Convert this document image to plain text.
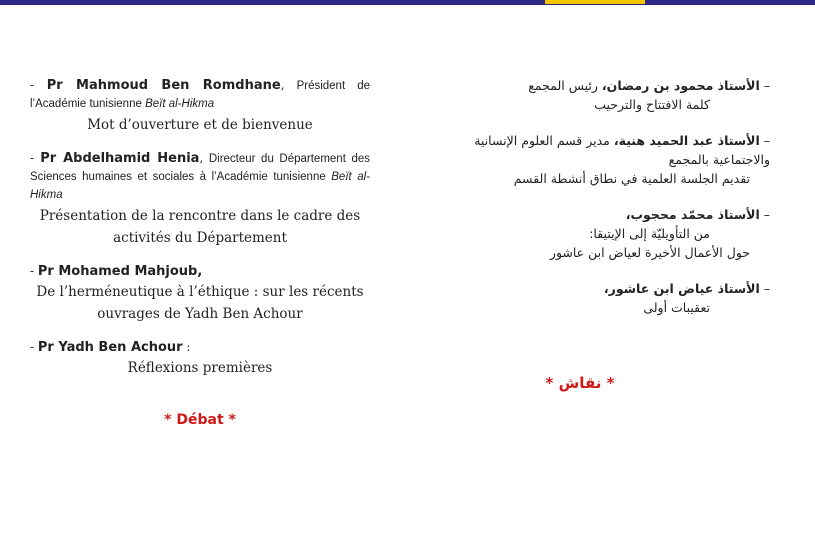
- Pr Mahmoud Ben Romdhane, Président de l’Académie tunisienne Beït al-Hikma
Mot d’ouverture et de bienvenue
- Pr Abdelhamid Henia, Directeur du Département des Sciences humaines et sociales à l’Académie tunisienne Beït al-Hikma
Présentation de la rencontre dans le cadre des activités du Département
- Pr Mohamed Mahjoub,
De l’herméneutique à l’éthique : sur les récents ouvrages de Yadh Ben Achour
- Pr Yadh Ben Achour :
Réflexions premières
* Débat *
– الأستاذ محمود بن رمضان، رئيس المجمع
كلمة الافتتاح والترحيب
– الأستاذ عبد الحميد هنية، مدير قسم العلوم الإنسانية والاجتماعية بالمجمع
تقديم الجلسة العلمية في نطاق أنشطة القسم
– الأستاذ محمّد محجوب،
من التأويليّة إلى الإيتيقا:
حول الأعمال الأخيرة لعياض ابن عاشور
– الأستاذ عياض ابن عاشور،
تعقيبات أولى
* نقاش *
